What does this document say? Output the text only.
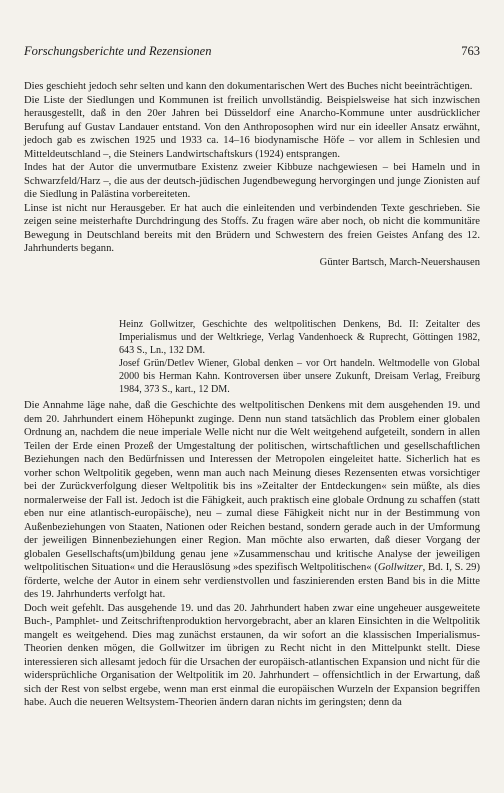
Forschungsberichte und Rezensionen	763

Dies geschieht jedoch sehr selten und kann den dokumentarischen Wert des Buches nicht beeinträchtigen.

Die Liste der Siedlungen und Kommunen ist freilich unvollständig. Beispielsweise hat sich inzwischen herausgestellt, daß in den 20er Jahren bei Düsseldorf eine Anarcho-Kommune unter ausdrücklicher Berufung auf Gustav Landauer entstand. Von den Anthroposophen wird nur ein ideeller Ansatz erwähnt, jedoch gab es zwischen 1925 und 1933 ca. 14–16 biodynamische Höfe – vor allem in Schlesien und Mitteldeutschland –, die Steiners Landwirtschaftskurs (1924) entsprangen.

Indes hat der Autor die unvermutbare Existenz zweier Kibbuze nachgewiesen – bei Hameln und in Schwarzfeld/Harz –, die aus der deutsch-jüdischen Jugendbewegung hervorgingen und junge Zionisten auf die Siedlung in Palästina vorbereiteten.

Linse ist nicht nur Herausgeber. Er hat auch die einleitenden und verbindenden Texte geschrieben. Sie zeigen seine meisterhafte Durchdringung des Stoffs. Zu fragen wäre aber noch, ob nicht die kommunitäre Bewegung in Deutschland bereits mit den Brüdern und Schwestern des freien Geistes Anfang des 12. Jahrhunderts begann.

Günter Bartsch, March-Neuershausen

Heinz Gollwitzer, Geschichte des weltpolitischen Denkens, Bd. II: Zeitalter des Imperialismus und der Weltkriege, Verlag Vandenhoeck & Ruprecht, Göttingen 1982, 643 S., Ln., 132 DM.

Josef Grün/Detlev Wiener, Global denken – vor Ort handeln. Weltmodelle von Global 2000 bis Herman Kahn. Kontroversen über unsere Zukunft, Dreisam Verlag, Freiburg 1984, 373 S., kart., 12 DM.

Die Annahme läge nahe, daß die Geschichte des weltpolitischen Denkens mit dem ausgehenden 19. und dem 20. Jahrhundert einem Höhepunkt zuginge. Denn nun stand tatsächlich das Problem einer globalen Ordnung an, nachdem die neue imperiale Welle nicht nur die Welt weitgehend aufgeteilt, sondern in allen Teilen der Erde einen Prozeß der Umgestaltung der politischen, wirtschaftlichen und gesellschaftlichen Beziehungen nach den Bedürfnissen und Interessen der Metropolen eingeleitet hatte. Sicherlich hat es vorher schon Weltpolitik gegeben, wenn man auch nach Meinung dieses Rezensenten etwas vorsichtiger bei der Zurückverfolgung dieser Weltpolitik bis ins »Zeitalter der Entdeckungen« sein müßte, als dies normalerweise der Fall ist. Jedoch ist die Fähigkeit, auch praktisch eine globale Ordnung zu schaffen (statt eben nur eine atlantisch-europäische), neu – zumal diese Fähigkeit nicht nur in der Bestimmung von Außenbeziehungen von Staaten, Nationen oder Reichen bestand, sondern gerade auch in der Umformung der jeweiligen Binnenbeziehungen einer Region. Man möchte also erwarten, daß dieser Vorgang der globalen Gesellschafts(um)bildung genau jene »Zusammenschau und kritische Analyse der jeweiligen weltpolitischen Situation« und die Herauslösung »des spezifisch Weltpolitischen« (Gollwitzer, Bd. I, S. 29) förderte, welche der Autor in einem sehr verdienstvollen und faszinierenden ersten Band bis in die Mitte des 19. Jahrhunderts verfolgt hat.

Doch weit gefehlt. Das ausgehende 19. und das 20. Jahrhundert haben zwar eine ungeheuer ausgeweitete Buch-, Pamphlet- und Zeitschriftenproduktion hervorgebracht, aber an klaren Einsichten in die Weltpolitik mangelt es weitgehend. Dies mag zunächst erstaunen, da wir sofort an die klassischen Imperialismus-Theorien denken mögen, die Gollwitzer im übrigen zu Recht nicht in den Mittelpunkt stellt. Diese interessieren sich allesamt jedoch für die Ursachen der europäisch-atlantischen Expansion und nicht für die widersprüchliche Organisation der Weltpolitik im 20. Jahrhundert – offensichtlich in der Erwartung, daß sich der Rest von selbst ergebe, wenn man erst einmal die europäischen Wurzeln der Expansion begriffen habe. Auch die neueren Weltsystem-Theorien ändern daran nichts im geringsten; denn da
